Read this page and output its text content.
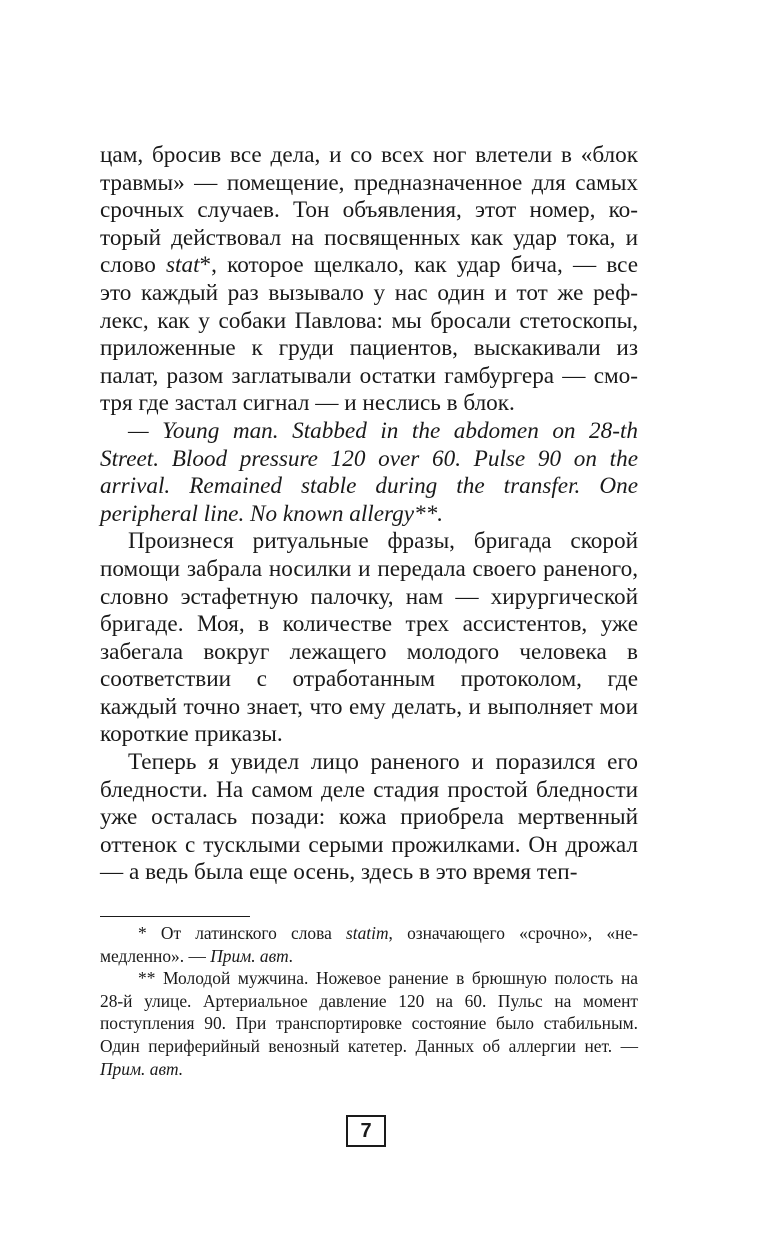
цам, бросив все дела, и со всех ног влетели в «блок травмы» — помещение, предназначенное для самых срочных случаев. Тон объявления, этот номер, который действовал на посвященных как удар тока, и слово stat*, которое щелкало, как удар бича, — все это каждый раз вызывало у нас один и тот же рефлекс, как у собаки Павлова: мы бросали стетоскопы, приложенные к груди пациентов, выскакивали из палат, разом заглатывали остатки гамбургера — смотря где застал сигнал — и неслись в блок.

— Young man. Stabbed in the abdomen on 28-th Street. Blood pressure 120 over 60. Pulse 90 on the arrival. Remained stable during the transfer. One peripheral line. No known allergy**.

Произнеся ритуальные фразы, бригада скорой помощи забрала носилки и передала своего раненого, словно эстафетную палочку, нам — хирургической бригаде. Моя, в количестве трех ассистентов, уже забегала вокруг лежащего молодого человека в соответствии с отработанным протоколом, где каждый точно знает, что ему делать, и выполняет мои короткие приказы.

Теперь я увидел лицо раненого и поразился его бледности. На самом деле стадия простой бледности уже осталась позади: кожа приобрела мертвенный оттенок с тусклыми серыми прожилками. Он дрожал — а ведь была еще осень, здесь в это время теп-

* От латинского слова statim, означающего «срочно», «немедленно». — Прим. авт.

** Молодой мужчина. Ножевое ранение в брюшную полость на 28-й улице. Артериальное давление 120 на 60. Пульс на момент поступления 90. При транспортировке состояние было стабильным. Один периферийный венозный катетер. Данных об аллергии нет. — Прим. авт.

7
